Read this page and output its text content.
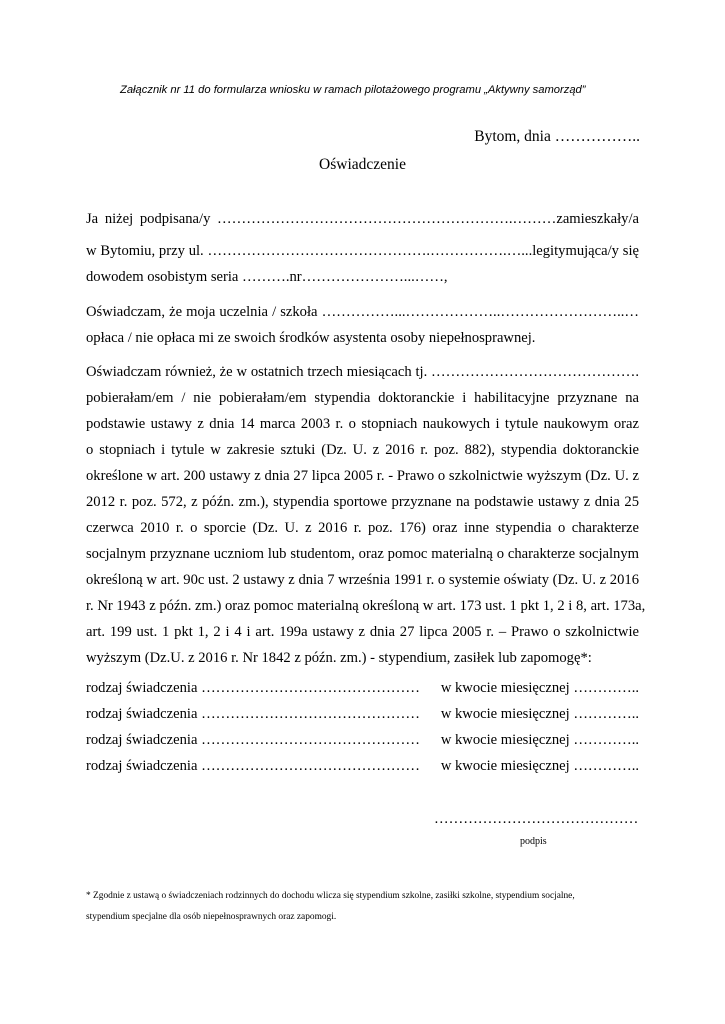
Załącznik nr 11 do formularza wniosku w ramach pilotażowego programu „Aktywny samorząd”
Bytom, dnia ……………..
Oświadczenie
Ja niżej podpisana/y …………………………………………………….………zamieszkały/a
w Bytomiu, przy ul. ……………………………………….…………….…...legitymująca/y się
dowodem osobistym seria ……….nr…………………...……,
Oświadczam, że moja uczelnia / szkoła ……………...………………..……………………..…
opłaca / nie opłaca mi ze swoich środków asystenta osoby niepełnosprawnej.
Oświadczam również, że w ostatnich trzech miesiącach tj. …………………………………….
pobierałam/em / nie pobierałam/em stypendia doktoranckie i habilitacyjne przyznane na
podstawie ustawy z dnia 14 marca 2003 r. o stopniach naukowych i tytule naukowym oraz
o stopniach i tytule w zakresie sztuki (Dz. U. z 2016 r. poz. 882), stypendia doktoranckie
określone w art. 200 ustawy z dnia 27 lipca 2005 r. - Prawo o szkolnictwie wyższym (Dz. U. z
2012 r. poz. 572, z późn. zm.), stypendia sportowe przyznane na podstawie ustawy z dnia 25
czerwca 2010 r. o sporcie (Dz. U. z 2016 r. poz. 176) oraz inne stypendia o charakterze
socjalnym przyznane uczniom lub studentom, oraz pomoc materialną o charakterze socjalnym
określoną w art. 90c ust. 2 ustawy z dnia 7 września 1991 r. o systemie oświaty (Dz. U. z 2016
r. Nr 1943 z późn. zm.) oraz pomoc materialną określoną w art. 173 ust. 1 pkt 1, 2 i 8, art. 173a,
art. 199 ust. 1 pkt 1, 2 i 4 i art. 199a ustawy z dnia 27 lipca 2005 r. – Prawo o szkolnictwie
wyższym (Dz.U. z 2016 r. Nr 1842 z późn. zm.) - stypendium, zasiłek lub zapomogę*:
rodzaj świadczenia ………………………………………	w kwocie miesięcznej …………..
rodzaj świadczenia ………………………………………	w kwocie miesięcznej …………..
rodzaj świadczenia ………………………………………	w kwocie miesięcznej …………..
rodzaj świadczenia ………………………………………	w kwocie miesięcznej …………..
……………………………………
podpis
* Zgodnie z ustawą o świadczeniach rodzinnych do dochodu wlicza się stypendium szkolne, zasiłki szkolne, stypendium socjalne,
stypendium specjalne dla osób niepełnosprawnych oraz zapomogi.
